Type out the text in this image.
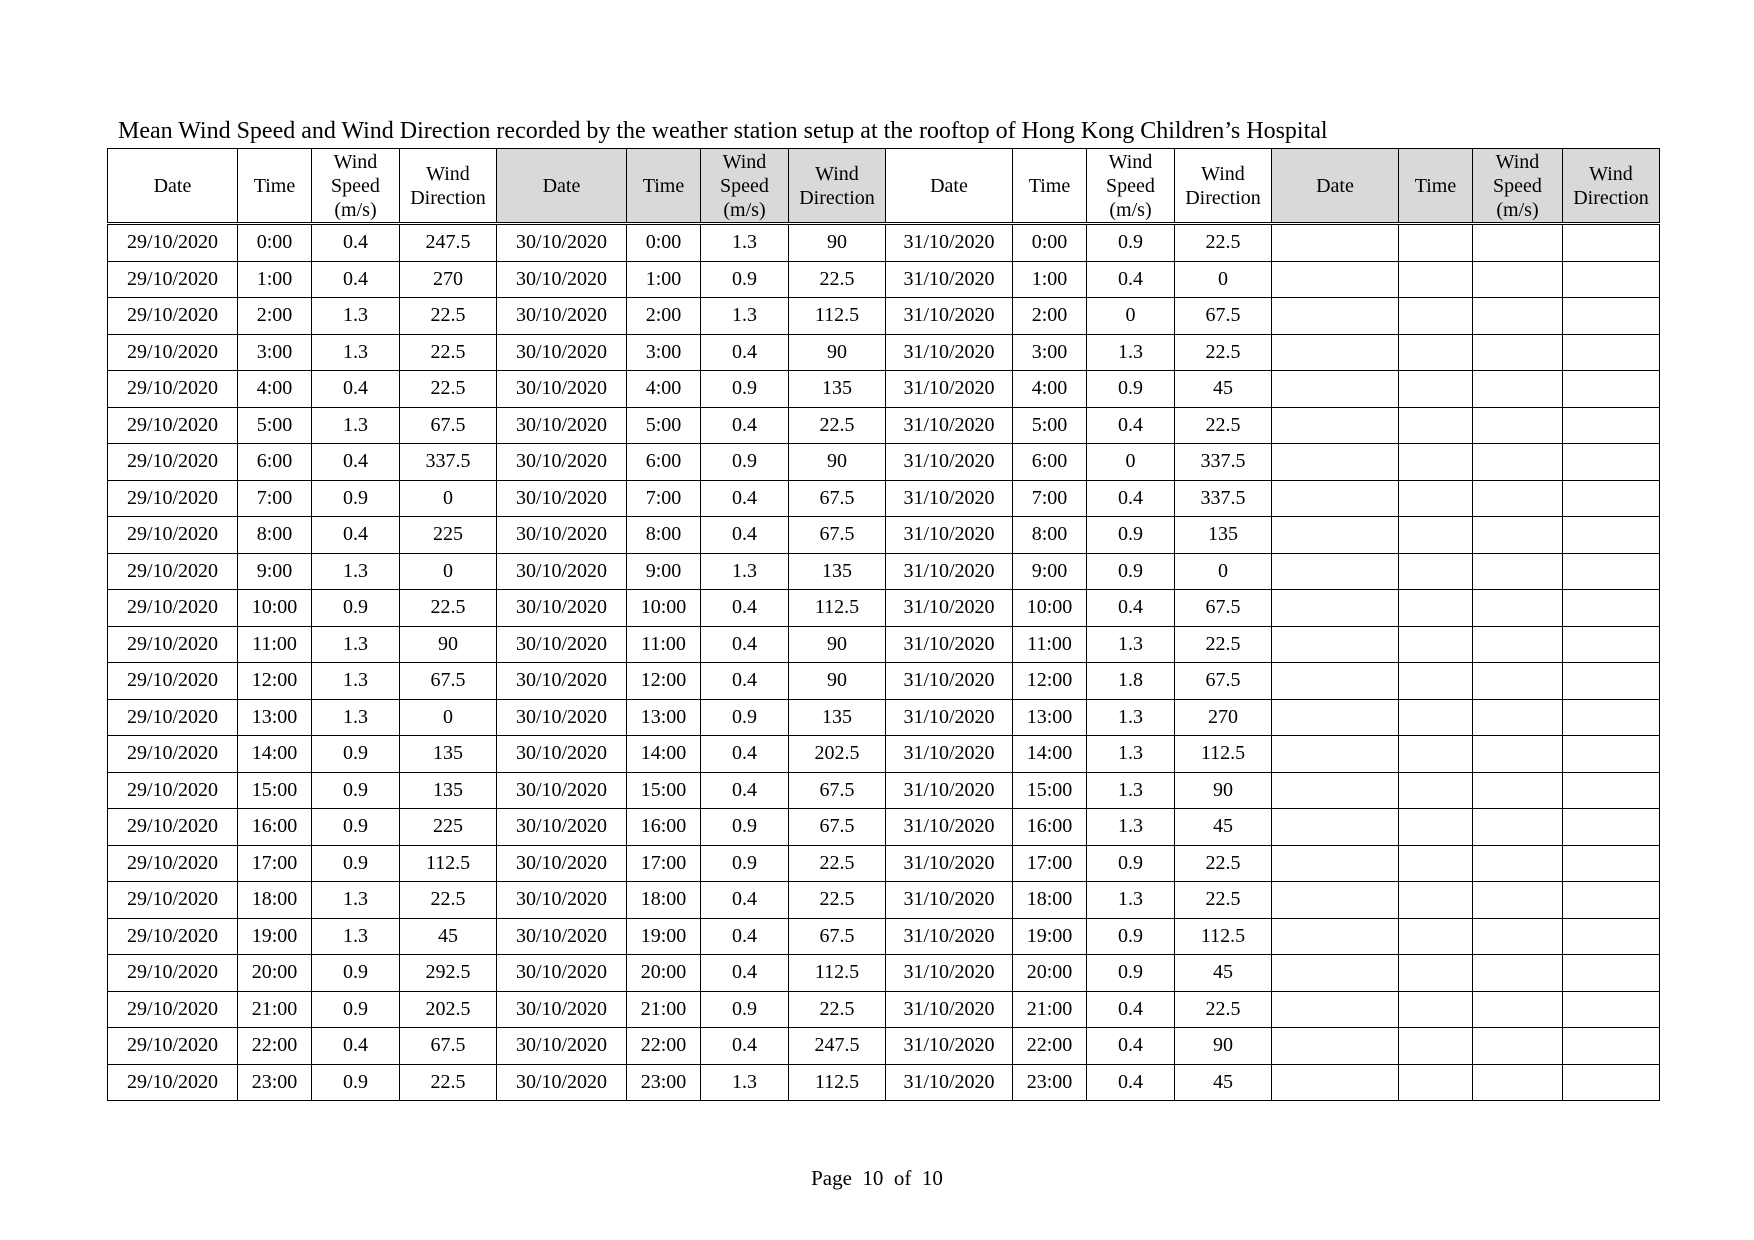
Mean Wind Speed and Wind Direction recorded by the weather station setup at the rooftop of Hong Kong Children’s Hospital
Date	Time	Wind Speed (m/s)	Wind Direction	Date	Time	Wind Speed (m/s)	Wind Direction	Date	Time	Wind Speed (m/s)	Wind Direction	Date	Time	Wind Speed (m/s)	Wind Direction
29/10/2020	0:00	0.4	247.5	30/10/2020	0:00	1.3	90	31/10/2020	0:00	0.9	22.5				
29/10/2020	1:00	0.4	270	30/10/2020	1:00	0.9	22.5	31/10/2020	1:00	0.4	0				
29/10/2020	2:00	1.3	22.5	30/10/2020	2:00	1.3	112.5	31/10/2020	2:00	0	67.5				
29/10/2020	3:00	1.3	22.5	30/10/2020	3:00	0.4	90	31/10/2020	3:00	1.3	22.5				
29/10/2020	4:00	0.4	22.5	30/10/2020	4:00	0.9	135	31/10/2020	4:00	0.9	45				
29/10/2020	5:00	1.3	67.5	30/10/2020	5:00	0.4	22.5	31/10/2020	5:00	0.4	22.5				
29/10/2020	6:00	0.4	337.5	30/10/2020	6:00	0.9	90	31/10/2020	6:00	0	337.5				
29/10/2020	7:00	0.9	0	30/10/2020	7:00	0.4	67.5	31/10/2020	7:00	0.4	337.5				
29/10/2020	8:00	0.4	225	30/10/2020	8:00	0.4	67.5	31/10/2020	8:00	0.9	135				
29/10/2020	9:00	1.3	0	30/10/2020	9:00	1.3	135	31/10/2020	9:00	0.9	0				
29/10/2020	10:00	0.9	22.5	30/10/2020	10:00	0.4	112.5	31/10/2020	10:00	0.4	67.5				
29/10/2020	11:00	1.3	90	30/10/2020	11:00	0.4	90	31/10/2020	11:00	1.3	22.5				
29/10/2020	12:00	1.3	67.5	30/10/2020	12:00	0.4	90	31/10/2020	12:00	1.8	67.5				
29/10/2020	13:00	1.3	0	30/10/2020	13:00	0.9	135	31/10/2020	13:00	1.3	270				
29/10/2020	14:00	0.9	135	30/10/2020	14:00	0.4	202.5	31/10/2020	14:00	1.3	112.5				
29/10/2020	15:00	0.9	135	30/10/2020	15:00	0.4	67.5	31/10/2020	15:00	1.3	90				
29/10/2020	16:00	0.9	225	30/10/2020	16:00	0.9	67.5	31/10/2020	16:00	1.3	45				
29/10/2020	17:00	0.9	112.5	30/10/2020	17:00	0.9	22.5	31/10/2020	17:00	0.9	22.5				
29/10/2020	18:00	1.3	22.5	30/10/2020	18:00	0.4	22.5	31/10/2020	18:00	1.3	22.5				
29/10/2020	19:00	1.3	45	30/10/2020	19:00	0.4	67.5	31/10/2020	19:00	0.9	112.5				
29/10/2020	20:00	0.9	292.5	30/10/2020	20:00	0.4	112.5	31/10/2020	20:00	0.9	45				
29/10/2020	21:00	0.9	202.5	30/10/2020	21:00	0.9	22.5	31/10/2020	21:00	0.4	22.5				
29/10/2020	22:00	0.4	67.5	30/10/2020	22:00	0.4	247.5	31/10/2020	22:00	0.4	90				
29/10/2020	23:00	0.9	22.5	30/10/2020	23:00	1.3	112.5	31/10/2020	23:00	0.4	45				
Page 10 of 10
